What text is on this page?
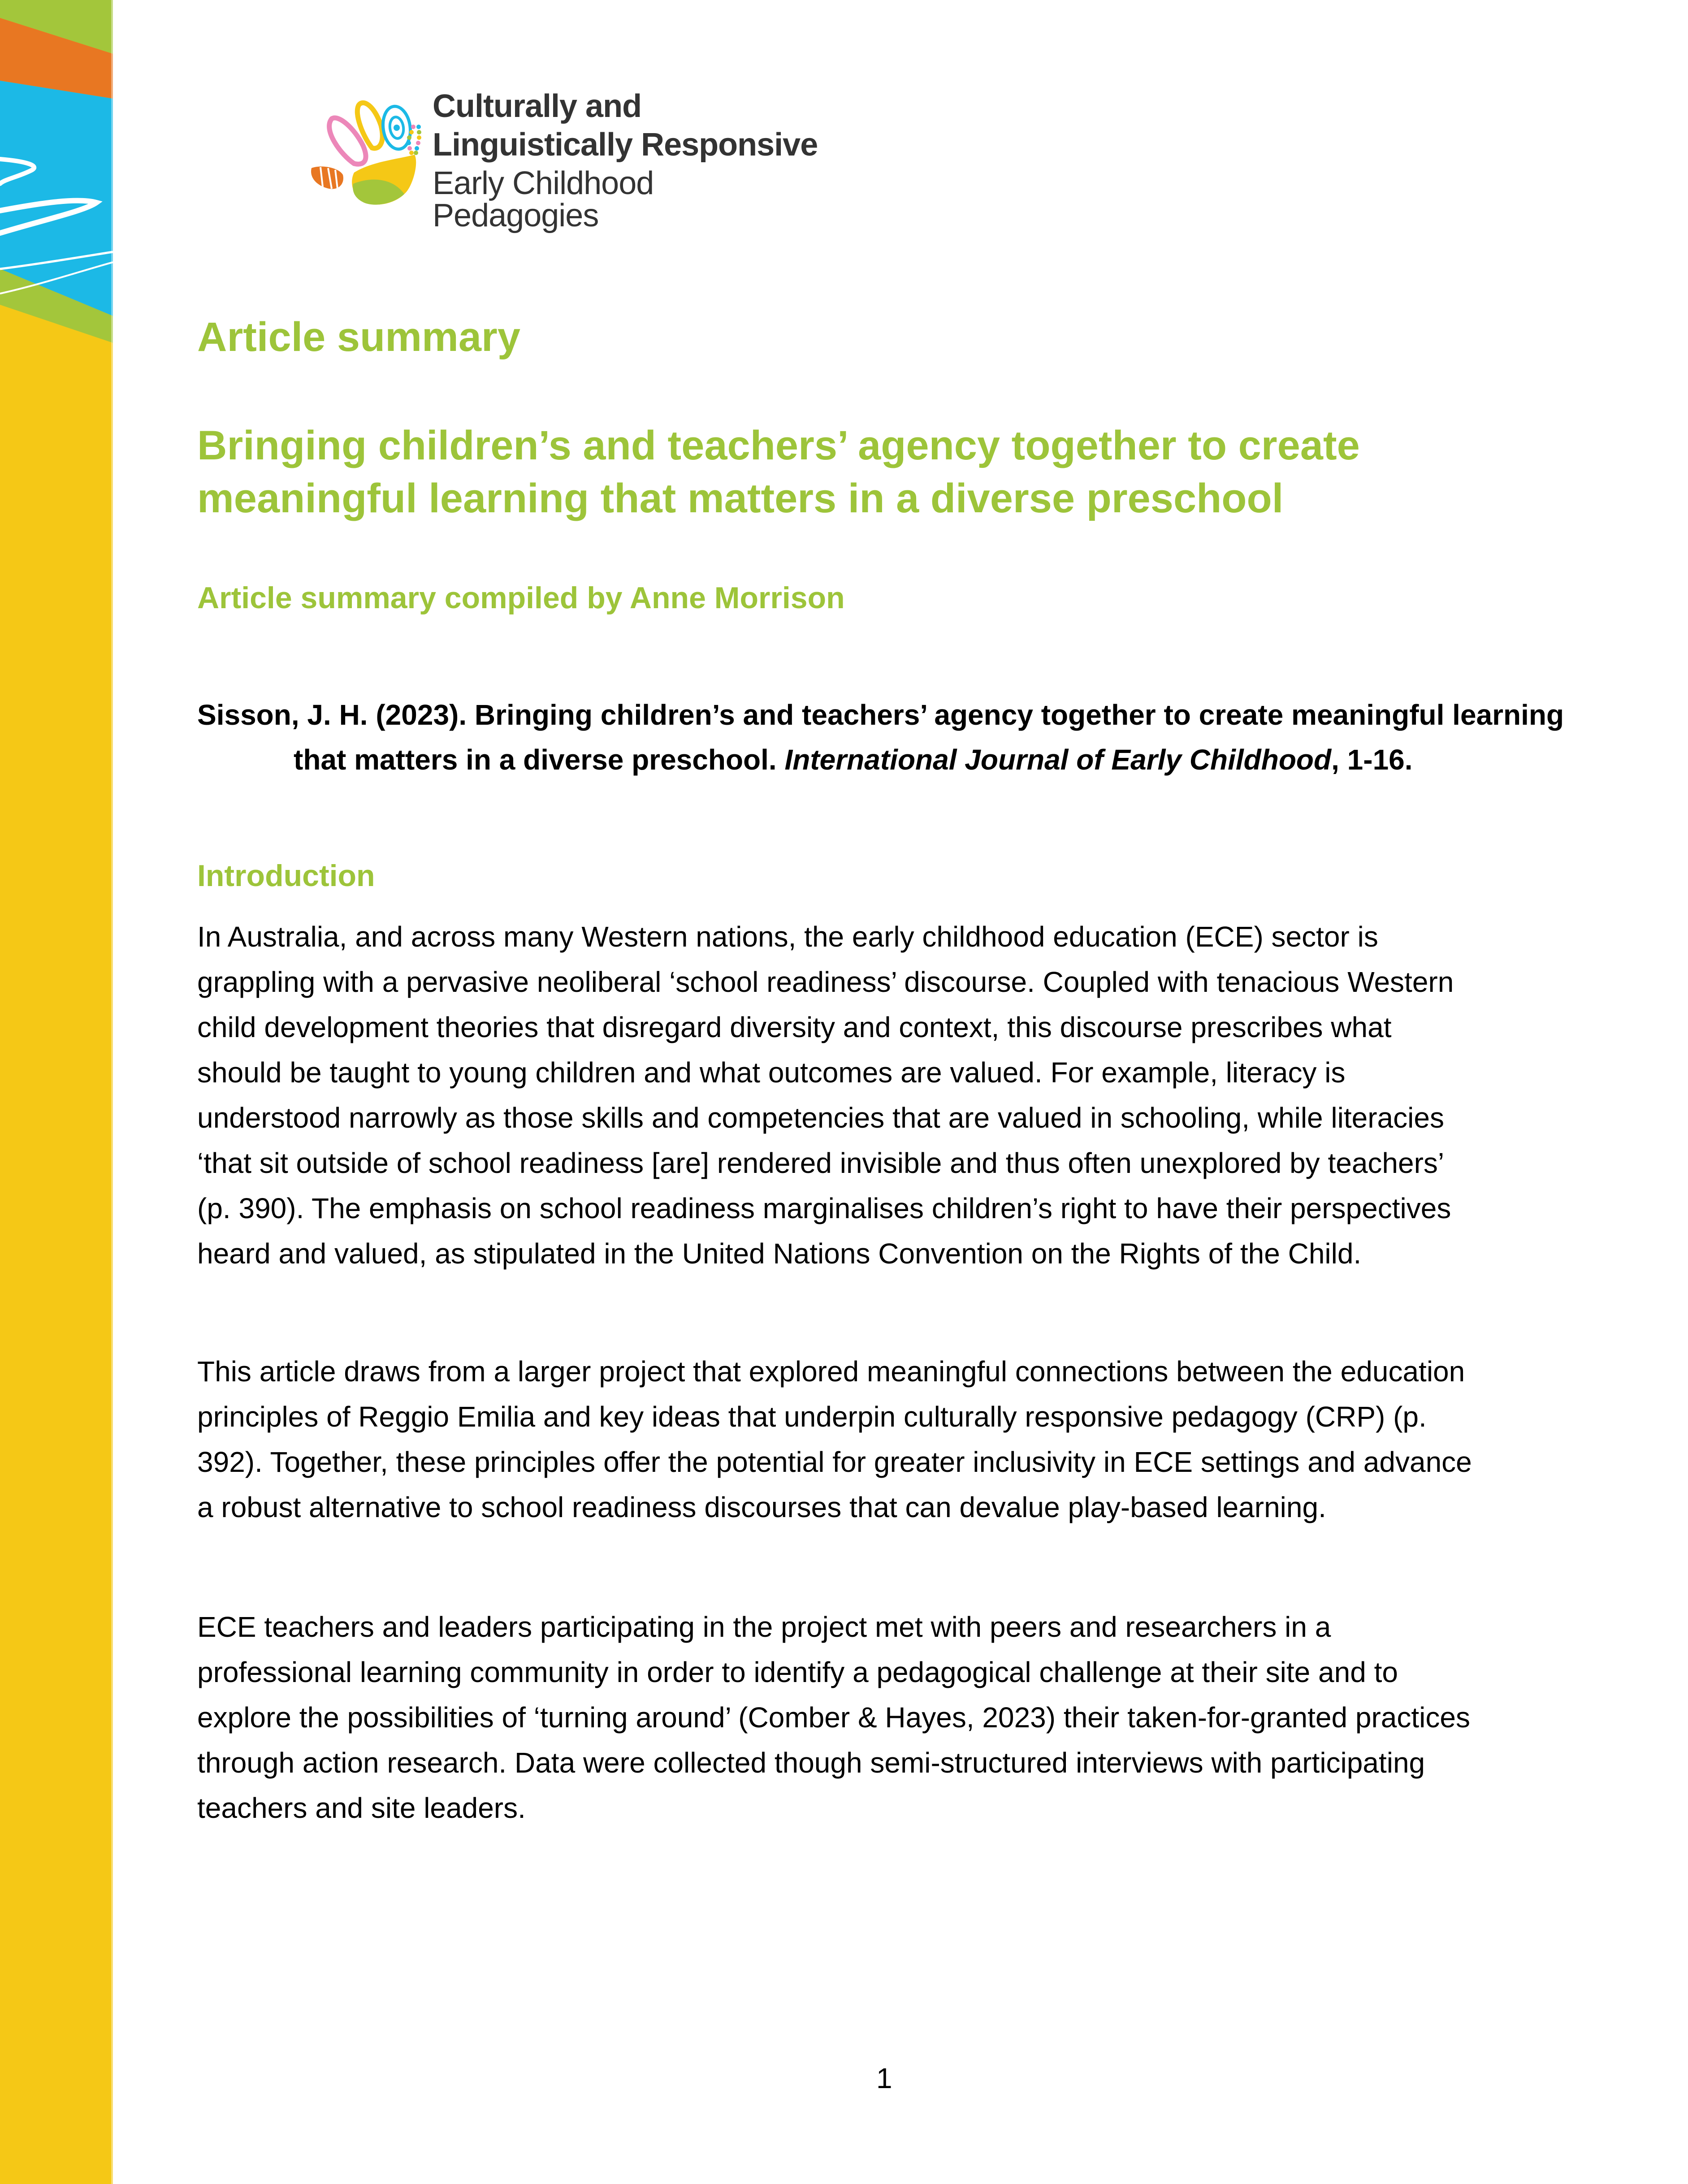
Culturally and
Linguistically Responsive
Early Childhood Pedagogies
Article summary
Bringing children’s and teachers’ agency together to create meaningful learning that matters in a diverse preschool
Article summary compiled by Anne Morrison

Sisson, J. H. (2023). Bringing children’s and teachers’ agency together to create meaningful learning that matters in a diverse preschool. International Journal of Early Childhood, 1-16.

Introduction

In Australia, and across many Western nations, the early childhood education (ECE) sector is grappling with a pervasive neoliberal ‘school readiness’ discourse. Coupled with tenacious Western child development theories that disregard diversity and context, this discourse prescribes what should be taught to young children and what outcomes are valued. For example, literacy is understood narrowly as those skills and competencies that are valued in schooling, while literacies ‘that sit outside of school readiness [are] rendered invisible and thus often unexplored by teachers’ (p. 390). The emphasis on school readiness marginalises children’s right to have their perspectives heard and valued, as stipulated in the United Nations Convention on the Rights of the Child.

This article draws from a larger project that explored meaningful connections between the education principles of Reggio Emilia and key ideas that underpin culturally responsive pedagogy (CRP) (p. 392). Together, these principles offer the potential for greater inclusivity in ECE settings and advance a robust alternative to school readiness discourses that can devalue play-based learning.

ECE teachers and leaders participating in the project met with peers and researchers in a professional learning community in order to identify a pedagogical challenge at their site and to explore the possibilities of ‘turning around’ (Comber & Hayes, 2023) their taken-for-granted practices through action research. Data were collected though semi-structured interviews with participating teachers and site leaders.

1
